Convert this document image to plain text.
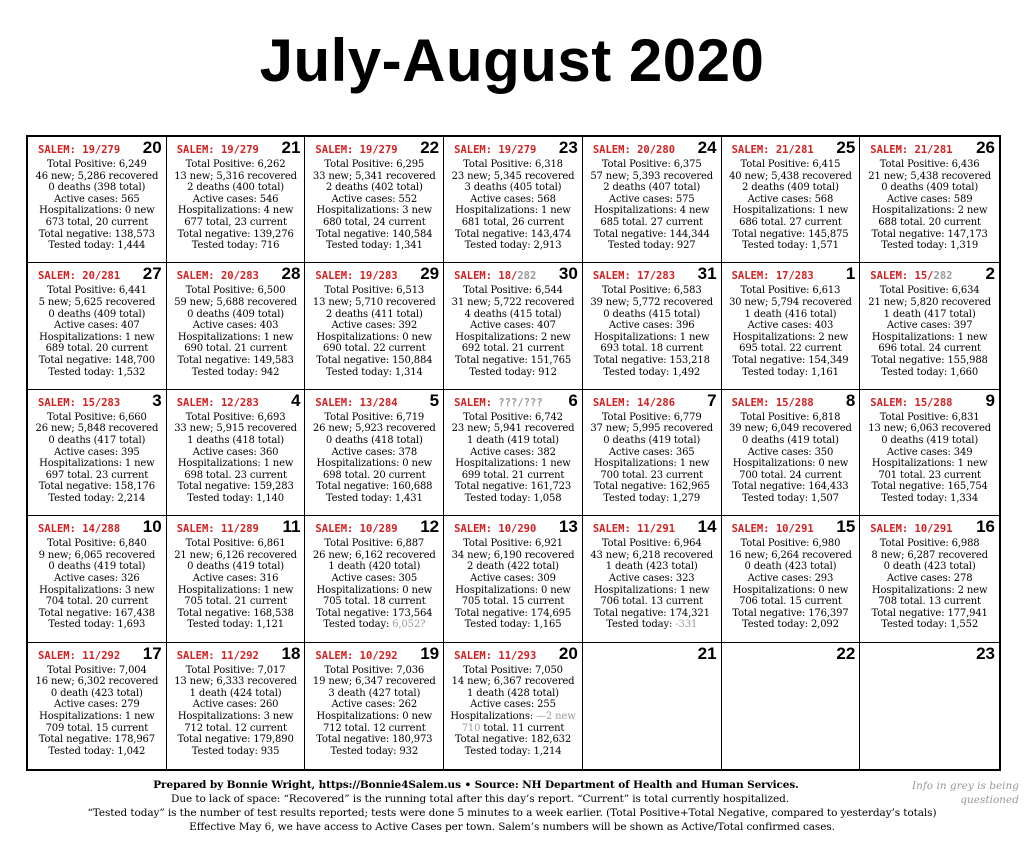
July-August 2020
SALEM: 19/279 20
Total Positive: 6,249
46 new; 5,286 recovered
0 deaths (398 total)
Active cases: 565
Hospitalizations: 0 new
673 total, 20 current
Total negative: 138,573
Tested today: 1,444
SALEM: 19/279 21
Total Positive: 6,262
13 new; 5,316 recovered
2 deaths (400 total)
Active cases: 546
Hospitalizations: 4 new
677 total, 23 current
Total negative: 139,276
Tested today: 716
SALEM: 19/279 22
Total Positive: 6,295
33 new; 5,341 recovered
2 deaths (402 total)
Active cases: 552
Hospitalizations: 3 new
680 total, 24 current
Total negative: 140,584
Tested today: 1,341
SALEM: 19/279 23
Total Positive: 6,318
23 new; 5,345 recovered
3 deaths (405 total)
Active cases: 568
Hospitalizations: 1 new
681 total, 26 current
Total negative: 143,474
Tested today: 2,913
SALEM: 20/280 24
Total Positive: 6,375
57 new; 5,393 recovered
2 deaths (407 total)
Active cases: 575
Hospitalizations: 4 new
685 total. 27 current
Total negative: 144,344
Tested today: 927
SALEM: 21/281 25
Total Positive: 6,415
40 new; 5,438 recovered
2 deaths (409 total)
Active cases: 568
Hospitalizations: 1 new
686 total. 27 current
Total negative: 145,875
Tested today: 1,571
SALEM: 21/281 26
Total Positive: 6,436
21 new; 5,438 recovered
0 deaths (409 total)
Active cases: 589
Hospitalizations: 2 new
688 total. 20 current
Total negative: 147,173
Tested today: 1,319
SALEM: 20/281 27
Total Positive: 6,441
5 new; 5,625 recovered
0 deaths (409 total)
Active cases: 407
Hospitalizations: 1 new
689 total. 20 current
Total negative: 148,700
Tested today: 1,532
SALEM: 20/283 28
Total Positive: 6,500
59 new; 5,688 recovered
0 deaths (409 total)
Active cases: 403
Hospitalizations: 1 new
690 total. 21 current
Total negative: 149,583
Tested today: 942
SALEM: 19/283 29
Total Positive: 6,513
13 new; 5,710 recovered
2 deaths (411 total)
Active cases: 392
Hospitalizations: 0 new
690 total. 22 current
Total negative: 150,884
Tested today: 1,314
SALEM: 18/282 30
Total Positive: 6,544
31 new; 5,722 recovered
4 deaths (415 total)
Active cases: 407
Hospitalizations: 2 new
692 total. 21 current
Total negative: 151,765
Tested today: 912
SALEM: 17/283 31
Total Positive: 6,583
39 new; 5,772 recovered
0 deaths (415 total)
Active cases: 396
Hospitalizations: 1 new
693 total. 18 current
Total negative: 153,218
Tested today: 1,492
SALEM: 17/283 1
Total Positive: 6,613
30 new; 5,794 recovered
1 death (416 total)
Active cases: 403
Hospitalizations: 2 new
695 total. 22 current
Total negative: 154,349
Tested today: 1,161
SALEM: 15/282 2
Total Positive: 6,634
21 new; 5,820 recovered
1 death (417 total)
Active cases: 397
Hospitalizations: 1 new
696 total. 24 current
Total negative: 155,988
Tested today: 1,660
SALEM: 15/283 3
Total Positive: 6,660
26 new; 5,848 recovered
0 deaths (417 total)
Active cases: 395
Hospitalizations: 1 new
697 total. 23 current
Total negative: 158,176
Tested today: 2,214
SALEM: 12/283 4
Total Positive: 6,693
33 new; 5,915 recovered
1 deaths (418 total)
Active cases: 360
Hospitalizations: 1 new
698 total. 23 current
Total negative: 159,283
Tested today: 1,140
SALEM: 13/284 5
Total Positive: 6,719
26 new; 5,923 recovered
0 deaths (418 total)
Active cases: 378
Hospitalizations: 0 new
698 total. 20 current
Total negative: 160,688
Tested today: 1,431
SALEM: ???/??? 6
Total Positive: 6,742
23 new; 5,941 recovered
1 death (419 total)
Active cases: 382
Hospitalizations: 1 new
699 total. 21 current
Total negative: 161,723
Tested today: 1,058
SALEM: 14/286 7
Total Positive: 6,779
37 new; 5,995 recovered
0 deaths (419 total)
Active cases: 365
Hospitalizations: 1 new
700 total. 23 current
Total negative: 162,965
Tested today: 1,279
SALEM: 15/288 8
Total Positive: 6,818
39 new; 6,049 recovered
0 deaths (419 total)
Active cases: 350
Hospitalizations: 0 new
700 total. 24 current
Total negative: 164,433
Tested today: 1,507
SALEM: 15/288 9
Total Positive: 6,831
13 new; 6,063 recovered
0 deaths (419 total)
Active cases: 349
Hospitalizations: 1 new
701 total. 23 current
Total negative: 165,754
Tested today: 1,334
SALEM: 14/288 10
Total Positive: 6,840
9 new; 6,065 recovered
0 deaths (419 total)
Active cases: 326
Hospitalizations: 3 new
704 total. 20 current
Total negative: 167,438
Tested today: 1,693
SALEM: 11/289 11
Total Positive: 6,861
21 new; 6,126 recovered
0 deaths (419 total)
Active cases: 316
Hospitalizations: 1 new
705 total. 21 current
Total negative: 168,538
Tested today: 1,121
SALEM: 10/289 12
Total Positive: 6,887
26 new; 6,162 recovered
1 death (420 total)
Active cases: 305
Hospitalizations: 0 new
705 total. 18 current
Total negative: 173,564
Tested today: 6,052?
SALEM: 10/290 13
Total Positive: 6,921
34 new; 6,190 recovered
2 death (422 total)
Active cases: 309
Hospitalizations: 0 new
705 total. 15 current
Total negative: 174,695
Tested today: 1,165
SALEM: 11/291 14
Total Positive: 6,964
43 new; 6,218 recovered
1 death (423 total)
Active cases: 323
Hospitalizations: 1 new
706 total. 13 current
Total negative: 174,321
Tested today: -331
SALEM: 10/291 15
Total Positive: 6,980
16 new; 6,264 recovered
0 death (423 total)
Active cases: 293
Hospitalizations: 0 new
706 total. 15 current
Total negative: 176,397
Tested today: 2,092
SALEM: 10/291 16
Total Positive: 6,988
8 new; 6,287 recovered
0 death (423 total)
Active cases: 278
Hospitalizations: 2 new
708 total. 13 current
Total negative: 177,941
Tested today: 1,552
SALEM: 11/292 17
Total Positive: 7,004
16 new; 6,302 recovered
0 death (423 total)
Active cases: 279
Hospitalizations: 1 new
709 total. 15 current
Total negative: 178,967
Tested today: 1,042
SALEM: 11/292 18
Total Positive: 7,017
13 new; 6,333 recovered
1 death (424 total)
Active cases: 260
Hospitalizations: 3 new
712 total. 12 current
Total negative: 179,890
Tested today: 935
SALEM: 10/292 19
Total Positive: 7,036
19 new; 6,347 recovered
3 death (427 total)
Active cases: 262
Hospitalizations: 0 new
712 total. 12 current
Total negative: 180,973
Tested today: 932
SALEM: 11/293 20
Total Positive: 7,050
14 new; 6,367 recovered
1 death (428 total)
Active cases: 255
Hospitalizations: —2 new
710 total. 11 current
Total negative: 182,632
Tested today: 1,214
21	22	23
Prepared by Bonnie Wright, https://Bonnie4Salem.us • Source: NH Department of Health and Human Services.
Due to lack of space: “Recovered” is the running total after this day’s report. “Current” is total currently hospitalized.
“Tested today” is the number of test results reported; tests were done 5 minutes to a week earlier. (Total Positive+Total Negative, compared to yesterday’s totals)
Effective May 6, we have access to Active Cases per town. Salem’s numbers will be shown as Active/Total confirmed cases.
Info in grey is being questioned
